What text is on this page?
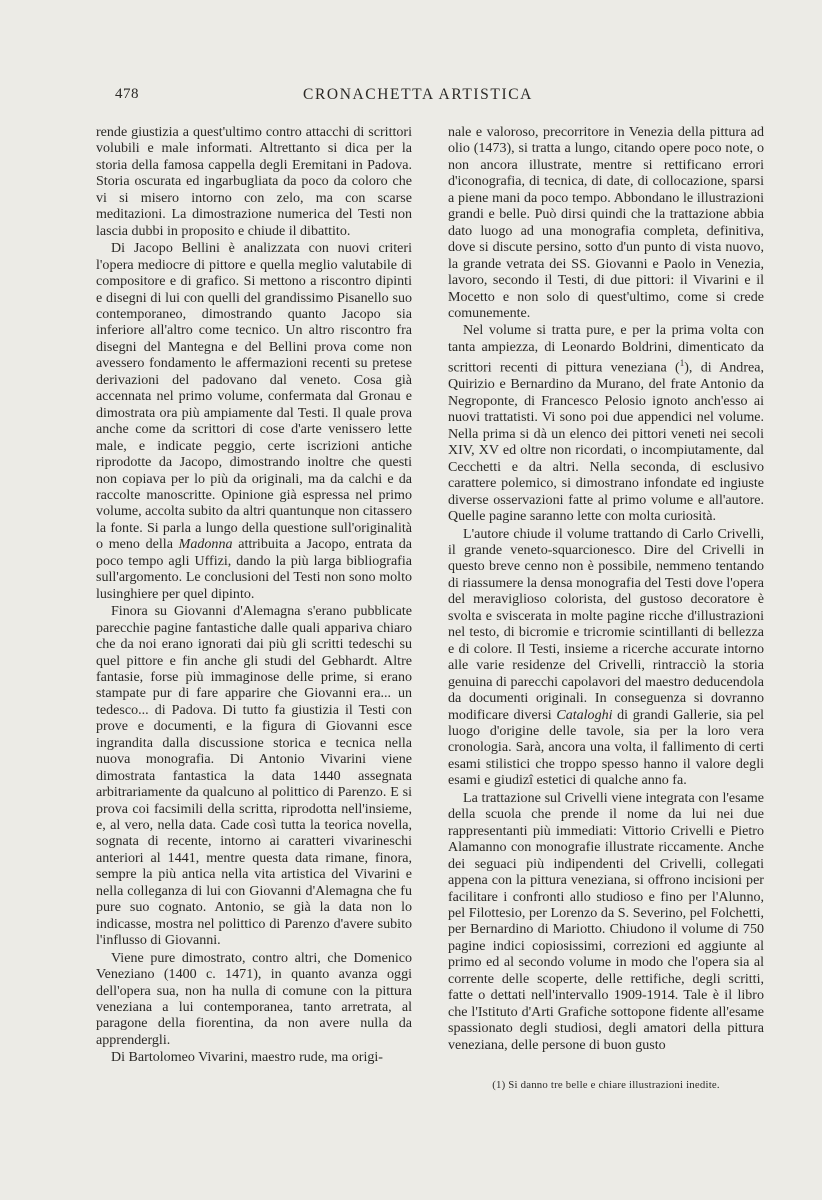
478	CRONACHETTA ARTISTICA

rende giustizia a quest'ultimo contro attacchi di scrittori volubili e male informati. Altrettanto si dica per la storia della famosa cappella degli Eremitani in Padova. Storia oscurata ed ingarbugliata da poco da coloro che vi si misero intorno con zelo, ma con scarse meditazioni. La dimostrazione numerica del Testi non lascia dubbi in proposito e chiude il dibattito.

Di Jacopo Bellini è analizzata con nuovi criteri l'opera mediocre di pittore e quella meglio valutabile di compositore e di grafico. Si mettono a riscontro dipinti e disegni di lui con quelli del grandissimo Pisanello suo contemporaneo, dimostrando quanto Jacopo sia inferiore all'altro come tecnico. Un altro riscontro fra disegni del Mantegna e del Bellini prova come non avessero fondamento le affermazioni recenti su pretese derivazioni del padovano dal veneto. Cosa già accennata nel primo volume, confermata dal Gronau e dimostrata ora più ampiamente dal Testi. Il quale prova anche come da scrittori di cose d'arte venissero lette male, e indicate peggio, certe iscrizioni antiche riprodotte da Jacopo, dimostrando inoltre che questi non copiava per lo più da originali, ma da calchi e da raccolte manoscritte. Opinione già espressa nel primo volume, accolta subito da altri quantunque non citassero la fonte. Si parla a lungo della questione sull'originalità o meno della Madonna attribuita a Jacopo, entrata da poco tempo agli Uffizi, dando la più larga bibliografia sull'argomento. Le conclusioni del Testi non sono molto lusinghiere per quel dipinto.

Finora su Giovanni d'Alemagna s'erano pubblicate parecchie pagine fantastiche dalle quali appariva chiaro che da noi erano ignorati dai più gli scritti tedeschi su quel pittore e fin anche gli studi del Gebhardt. Altre fantasie, forse più immaginose delle prime, si erano stampate pur di fare apparire che Giovanni era... un tedesco... di Padova. Di tutto fa giustizia il Testi con prove e documenti, e la figura di Giovanni esce ingrandita dalla discussione storica e tecnica nella nuova monografia. Di Antonio Vivarini viene dimostrata fantastica la data 1440 assegnata arbitrariamente da qualcuno al polittico di Parenzo. E si prova coi facsimili della scritta, riprodotta nell'insieme, e, al vero, nella data. Cade così tutta la teorica novella, sognata di recente, intorno ai caratteri vivarineschi anteriori al 1441, mentre questa data rimane, finora, sempre la più antica nella vita artistica del Vivarini e nella colleganza di lui con Giovanni d'Alemagna che fu pure suo cognato. Antonio, se già la data non lo indicasse, mostra nel polittico di Parenzo d'avere subito l'influsso di Giovanni.

Viene pure dimostrato, contro altri, che Domenico Veneziano (1400 c. 1471), in quanto avanza oggi dell'opera sua, non ha nulla di comune con la pittura veneziana a lui contemporanea, tanto arretrata, al paragone della fiorentina, da non avere nulla da apprendergli.

Di Bartolomeo Vivarini, maestro rude, ma origi-

nale e valoroso, precorritore in Venezia della pittura ad olio (1473), si tratta a lungo, citando opere poco note, o non ancora illustrate, mentre si rettificano errori d'iconografia, di tecnica, di date, di collocazione, sparsi a piene mani da poco tempo. Abbondano le illustrazioni grandi e belle. Può dirsi quindi che la trattazione abbia dato luogo ad una monografia completa, definitiva, dove si discute persino, sotto d'un punto di vista nuovo, la grande vetrata dei SS. Giovanni e Paolo in Venezia, lavoro, secondo il Testi, di due pittori: il Vivarini e il Mocetto e non solo di quest'ultimo, come si crede comunemente.

Nel volume si tratta pure, e per la prima volta con tanta ampiezza, di Leonardo Boldrini, dimenticato da scrittori recenti di pittura veneziana ($^1$), di Andrea, Quirizio e Bernardino da Murano, del frate Antonio da Negroponte, di Francesco Pelosio ignoto anch'esso ai nuovi trattatisti. Vi sono poi due appendici nel volume. Nella prima si dà un elenco dei pittori veneti nei secoli XIV, XV ed oltre non ricordati, o incompiutamente, dal Cecchetti e da altri. Nella seconda, di esclusivo carattere polemico, si dimostrano infondate ed ingiuste diverse osservazioni fatte al primo volume e all'autore. Quelle pagine saranno lette con molta curiosità.

L'autore chiude il volume trattando di Carlo Crivelli, il grande veneto-squarcionesco. Dire del Crivelli in questo breve cenno non è possibile, nemmeno tentando di riassumere la densa monografia del Testi dove l'opera del meraviglioso colorista, del gustoso decoratore è svolta e sviscerata in molte pagine ricche d'illustrazioni nel testo, di bicromie e tricromie scintillanti di bellezza e di colore. Il Testi, insieme a ricerche accurate intorno alle varie residenze del Crivelli, rintracciò la storia genuina di parecchi capolavori del maestro deducendola da documenti originali. In conseguenza si dovranno modificare diversi Cataloghi di grandi Gallerie, sia pel luogo d'origine delle tavole, sia per la loro vera cronologia. Sarà, ancora una volta, il fallimento di certi esami stilistici che troppo spesso hanno il valore degli esami e giudizî estetici di qualche anno fa.

La trattazione sul Crivelli viene integrata con l'esame della scuola che prende il nome da lui nei due rappresentanti più immediati: Vittorio Crivelli e Pietro Alamanno con monografie illustrate riccamente. Anche dei seguaci più indipendenti del Crivelli, collegati appena con la pittura veneziana, si offrono incisioni per facilitare i confronti allo studioso e fino per l'Alunno, pel Filottesio, per Lorenzo da S. Severino, pel Folchetti, per Bernardino di Mariotto. Chiudono il volume di 750 pagine indici copiosissimi, correzioni ed aggiunte al primo ed al secondo volume in modo che l'opera sia al corrente delle scoperte, delle rettifiche, degli scritti, fatte o dettati nell'intervallo 1909-1914. Tale è il libro che l'Istituto d'Arti Grafiche sottopone fidente all'esame spassionato degli studiosi, degli amatori della pittura veneziana, delle persone di buon gusto

(1) Si danno tre belle e chiare illustrazioni inedite.
